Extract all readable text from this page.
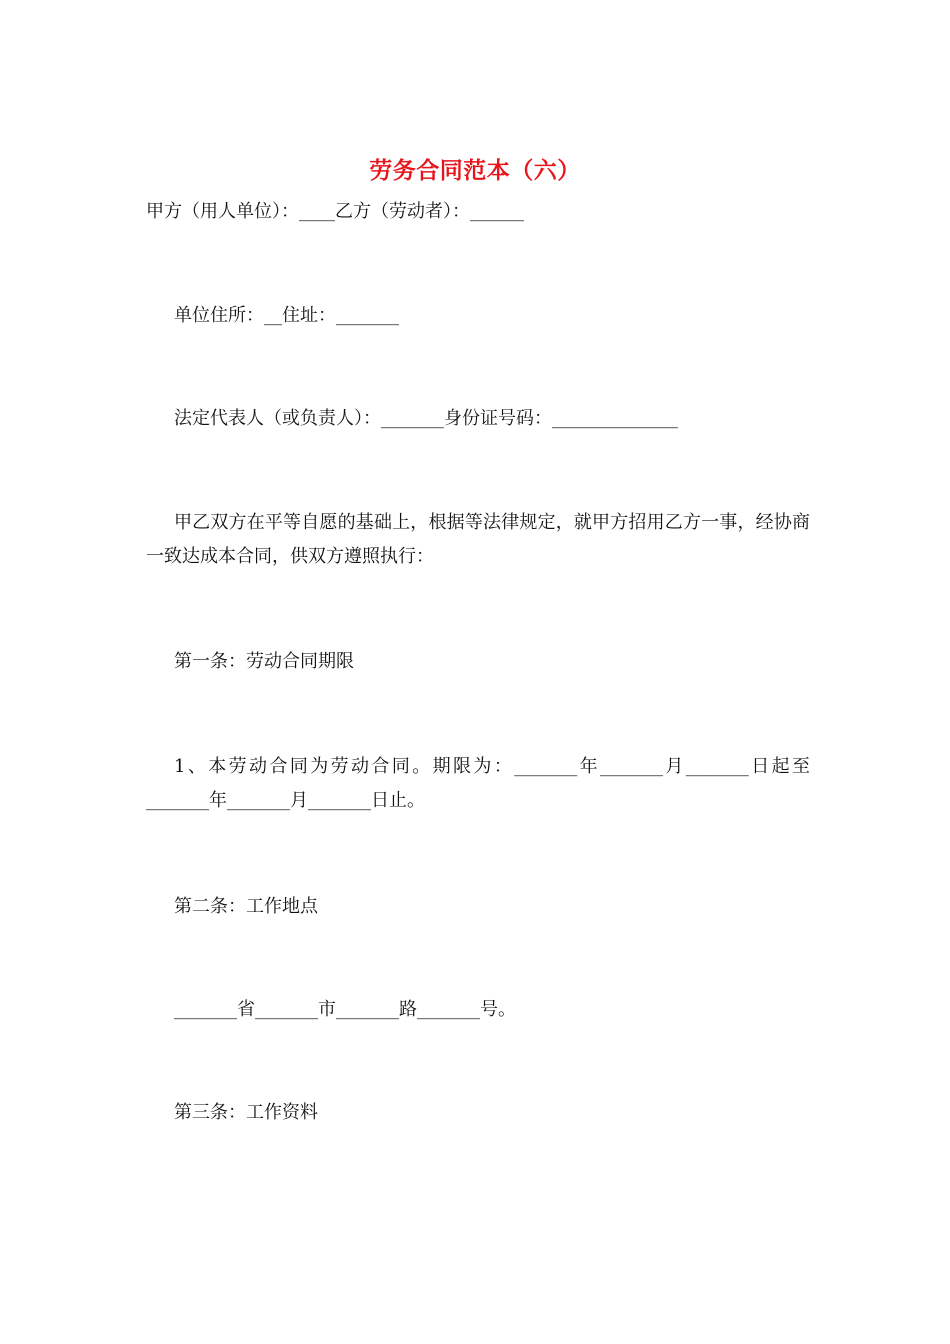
劳务合同范本（六）
甲方（用人单位）：____乙方（劳动者）：______
单位住所：__住址：_______
法定代表人（或负责人）：_______身份证号码：______________
甲乙双方在平等自愿的基础上，根据等法律规定，就甲方招用乙方一事，经协商一致达成本合同，供双方遵照执行：
第一条：劳动合同期限
1、本劳动合同为劳动合同。期限为：_______年_______月_______日起至_______年_______月_______日止。
第二条：工作地点
_______省_______市_______路_______号。
第三条：工作资料
